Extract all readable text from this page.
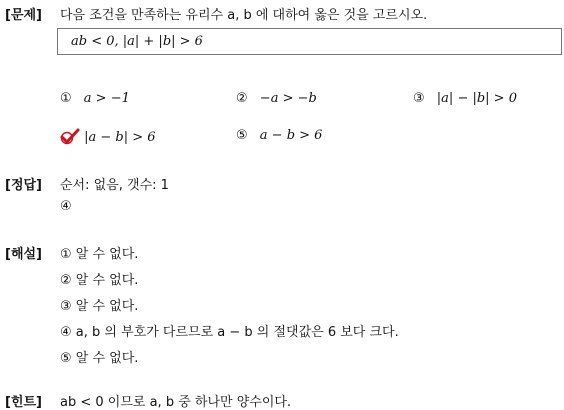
[문제] 다음 조건을 만족하는 유리수 a, b 에 대하여 옳은 것을 고르시오.
ab < 0, |a| + |b| > 6
① a > −1	② −a > −b	③ |a| − |b| > 0
|a − b| > 6	⑤ a − b > 6
[정답] 순서: 없음, 갯수: 1
④
[해설] ① 알 수 없다.
② 알 수 없다.
③ 알 수 없다.
④ a, b 의 부호가 다르므로 a − b 의 절댓값은 6 보다 크다.
⑤ 알 수 없다.
[힌트] ab < 0 이므로 a, b 중 하나만 양수이다.
